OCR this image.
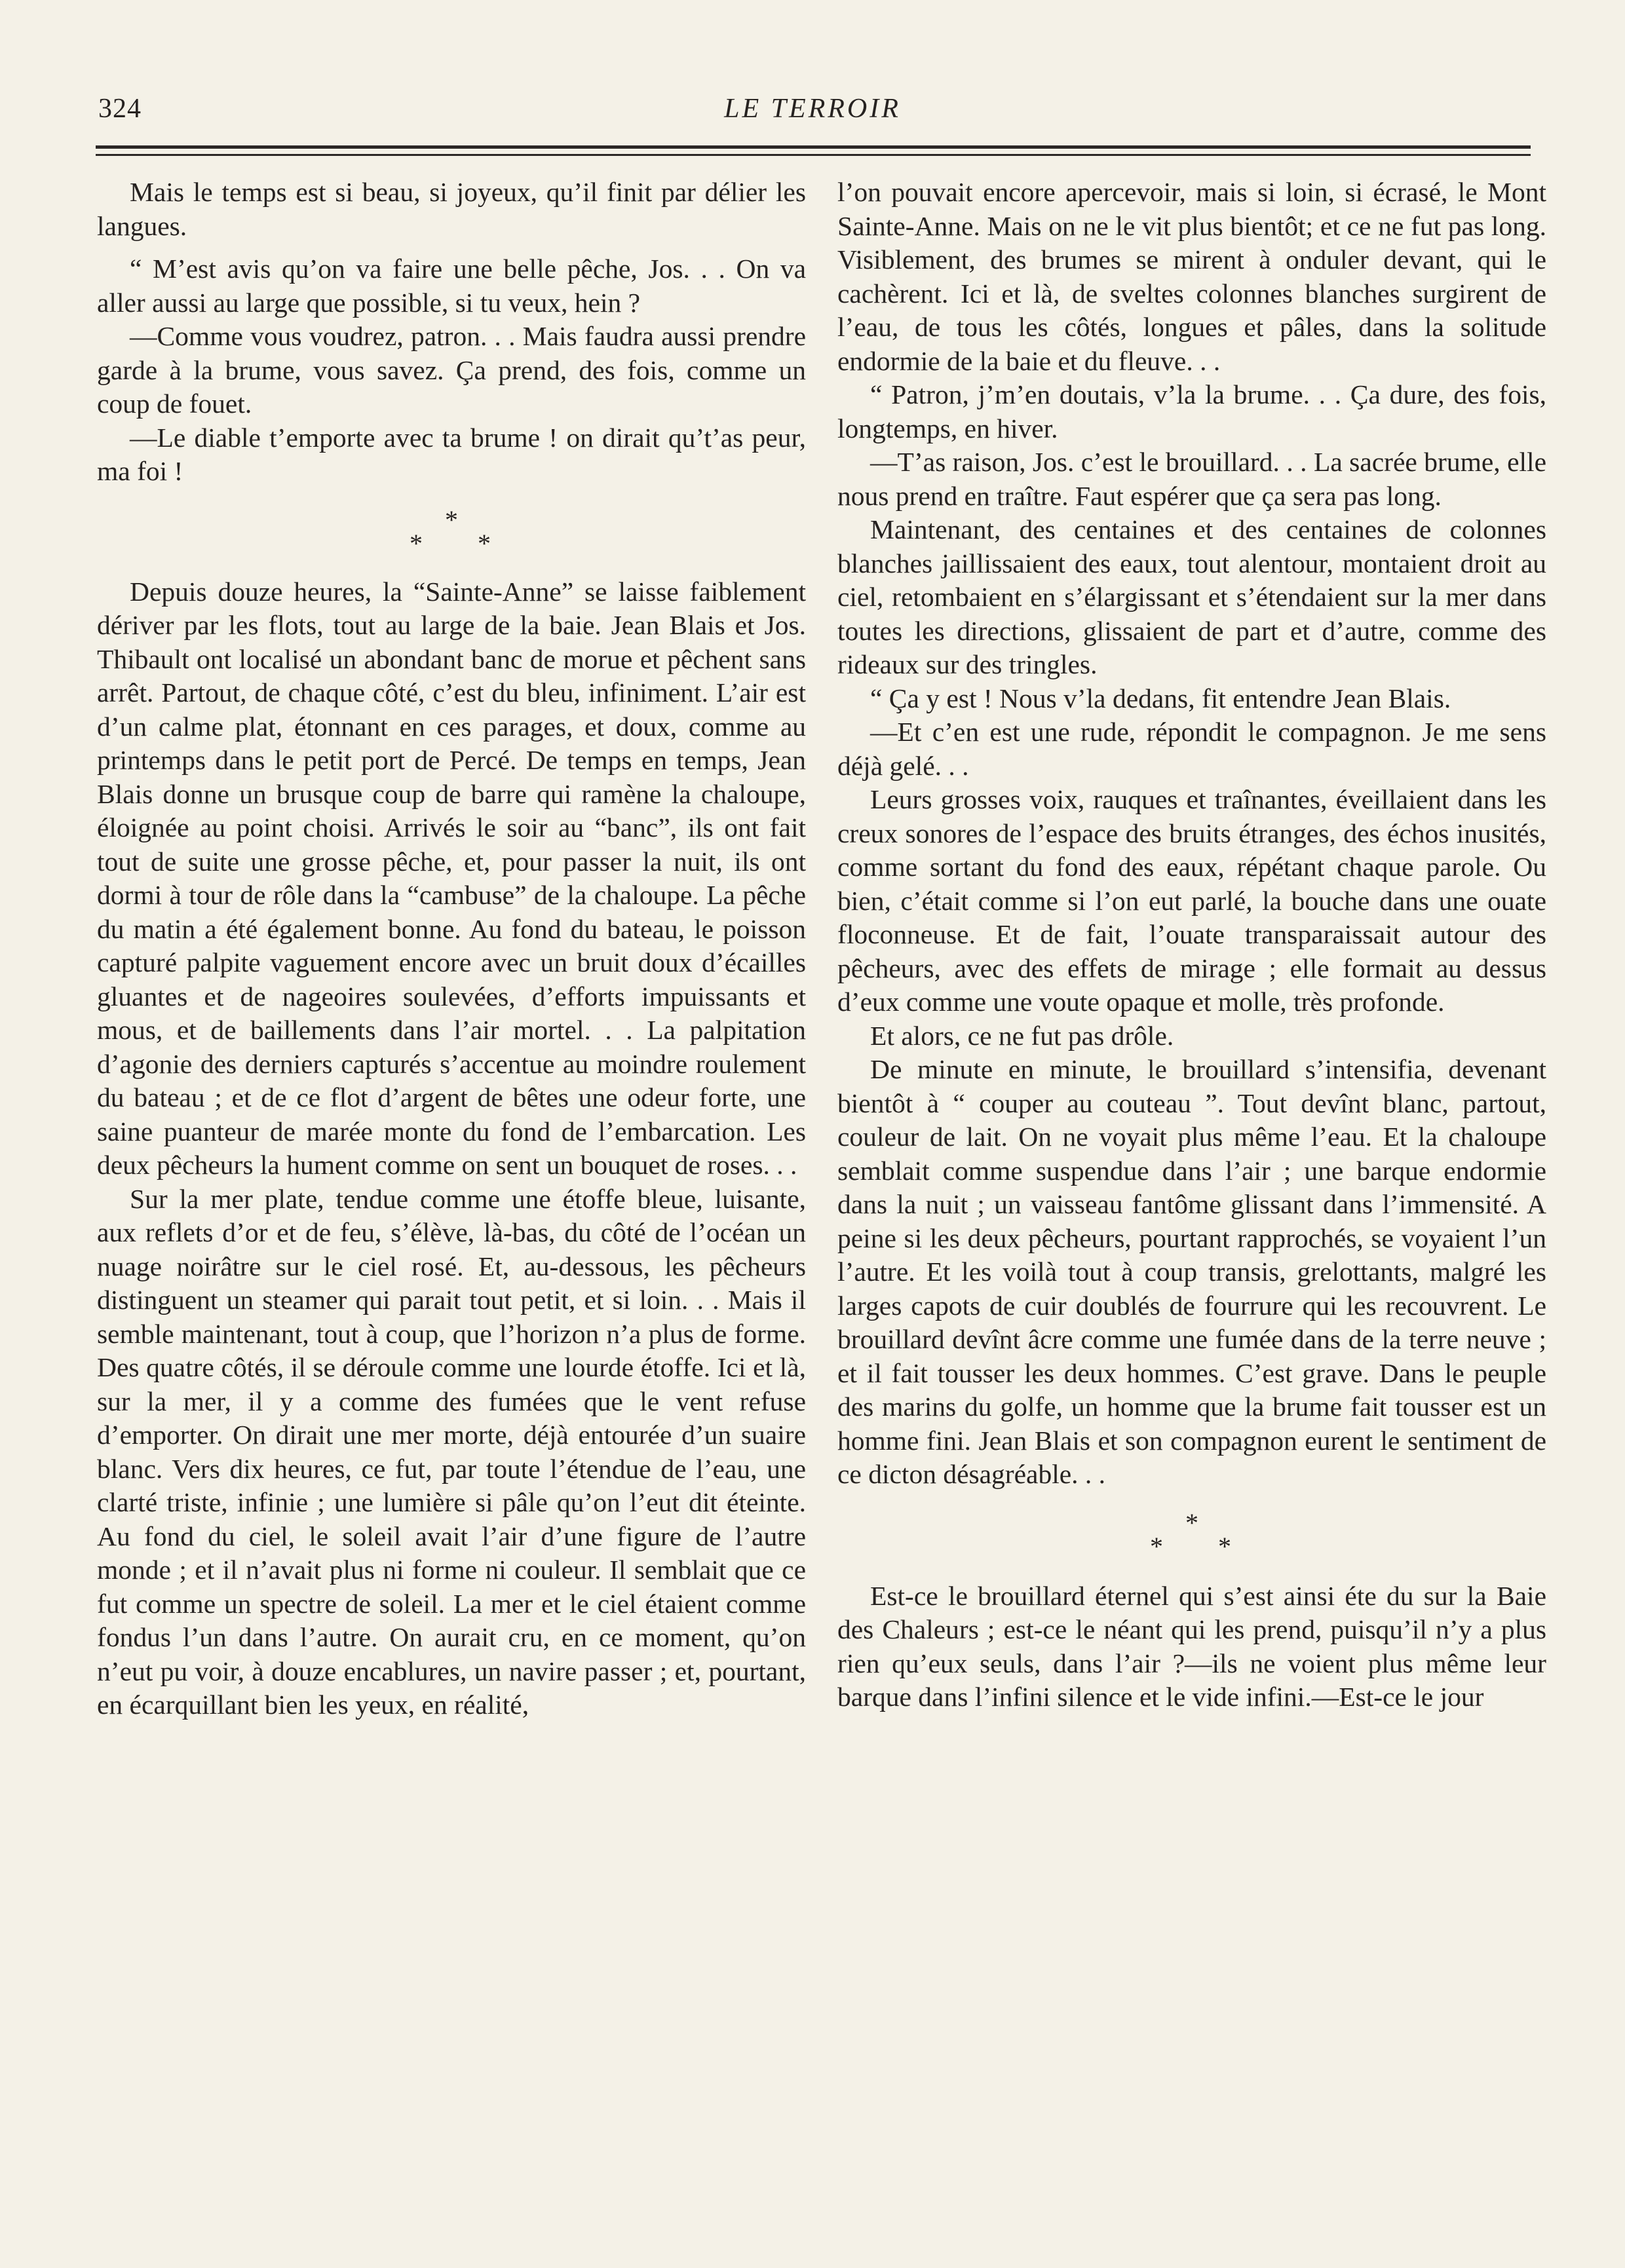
324	LE TERROIR

Mais le temps est si beau, si joyeux, qu’il finit par délier les langues.

“ M’est avis qu’on va faire une belle pêche, Jos. . . On va aller aussi au large que possible, si tu veux, hein ?

—Comme vous voudrez, patron. . . Mais faudra aussi prendre garde à la brume, vous savez. Ça prend, des fois, comme un coup de fouet.

—Le diable t’emporte avec ta brume ! on dirait qu’t’as peur, ma foi !

*
* *

Depuis douze heures, la “Sainte-Anne” se laisse faiblement dériver par les flots, tout au large de la baie. Jean Blais et Jos. Thibault ont localisé un abondant banc de morue et pêchent sans arrêt. Partout, de chaque côté, c’est du bleu, infiniment. L’air est d’un calme plat, étonnant en ces parages, et doux, comme au printemps dans le petit port de Percé. De temps en temps, Jean Blais donne un brusque coup de barre qui ramène la chaloupe, éloignée au point choisi. Arrivés le soir au “banc”, ils ont fait tout de suite une grosse pêche, et, pour passer la nuit, ils ont dormi à tour de rôle dans la “cambuse” de la chaloupe. La pêche du matin a été également bonne. Au fond du bateau, le poisson capturé palpite vaguement encore avec un bruit doux d’écailles gluantes et de nageoires soulevées, d’efforts impuissants et mous, et de baillements dans l’air mortel. . . La palpitation d’agonie des derniers capturés s’accentue au moindre roulement du bateau ; et de ce flot d’argent de bêtes une odeur forte, une saine puanteur de marée monte du fond de l’embarcation. Les deux pêcheurs la hument comme on sent un bouquet de roses. . .

Sur la mer plate, tendue comme une étoffe bleue, luisante, aux reflets d’or et de feu, s’élève, là-bas, du côté de l’océan un nuage noirâtre sur le ciel rosé. Et, au-dessous, les pêcheurs distinguent un steamer qui parait tout petit, et si loin. . . Mais il semble maintenant, tout à coup, que l’horizon n’a plus de forme. Des quatre côtés, il se déroule comme une lourde étoffe. Ici et là, sur la mer, il y a comme des fumées que le vent refuse d’emporter. On dirait une mer morte, déjà entourée d’un suaire blanc. Vers dix heures, ce fut, par toute l’étendue de l’eau, une clarté triste, infinie ; une lumière si pâle qu’on l’eut dit éteinte. Au fond du ciel, le soleil avait l’air d’une figure de l’autre monde ; et il n’avait plus ni forme ni couleur. Il semblait que ce fut comme un spectre de soleil. La mer et le ciel étaient comme fondus l’un dans l’autre. On aurait cru, en ce moment, qu’on n’eut pu voir, à douze encablures, un navire passer ; et, pourtant, en écarquillant bien les yeux, en réalité,

l’on pouvait encore apercevoir, mais si loin, si écrasé, le Mont Sainte-Anne. Mais on ne le vit plus bientôt; et ce ne fut pas long. Visiblement, des brumes se mirent à onduler devant, qui le cachèrent. Ici et là, de sveltes colonnes blanches surgirent de l’eau, de tous les côtés, longues et pâles, dans la solitude endormie de la baie et du fleuve. . .

“ Patron, j’m’en doutais, v’la la brume. . . Ça dure, des fois, longtemps, en hiver.

—T’as raison, Jos. c’est le brouillard. . . La sacrée brume, elle nous prend en traître. Faut espérer que ça sera pas long.

Maintenant, des centaines et des centaines de colonnes blanches jaillissaient des eaux, tout alentour, montaient droit au ciel, retombaient en s’élargissant et s’étendaient sur la mer dans toutes les directions, glissaient de part et d’autre, comme des rideaux sur des tringles.

“ Ça y est ! Nous v’la dedans, fit entendre Jean Blais.

—Et c’en est une rude, répondit le compagnon. Je me sens déjà gelé. . .

Leurs grosses voix, rauques et traînantes, éveillaient dans les creux sonores de l’espace des bruits étranges, des échos inusités, comme sortant du fond des eaux, répétant chaque parole. Ou bien, c’était comme si l’on eut parlé, la bouche dans une ouate floconneuse. Et de fait, l’ouate transparaissait autour des pêcheurs, avec des effets de mirage ; elle formait au dessus d’eux comme une voute opaque et molle, très profonde.

Et alors, ce ne fut pas drôle.

De minute en minute, le brouillard s’intensifia, devenant bientôt à “ couper au couteau ”. Tout devînt blanc, partout, couleur de lait. On ne voyait plus même l’eau. Et la chaloupe semblait comme suspendue dans l’air ; une barque endormie dans la nuit ; un vaisseau fantôme glissant dans l’immensité. A peine si les deux pêcheurs, pourtant rapprochés, se voyaient l’un l’autre. Et les voilà tout à coup transis, grelottants, malgré les larges capots de cuir doublés de fourrure qui les recouvrent. Le brouillard devînt âcre comme une fumée dans de la terre neuve ; et il fait tousser les deux hommes. C’est grave. Dans le peuple des marins du golfe, un homme que la brume fait tousser est un homme fini. Jean Blais et son compagnon eurent le sentiment de ce dicton désagréable. . .

*
* *

Est-ce le brouillard éternel qui s’est ainsi éte du sur la Baie des Chaleurs ; est-ce le néant qui les prend, puisqu’il n’y a plus rien qu’eux seuls, dans l’air ?—ils ne voient plus même leur barque dans l’infini silence et le vide infini.—Est-ce le jour
